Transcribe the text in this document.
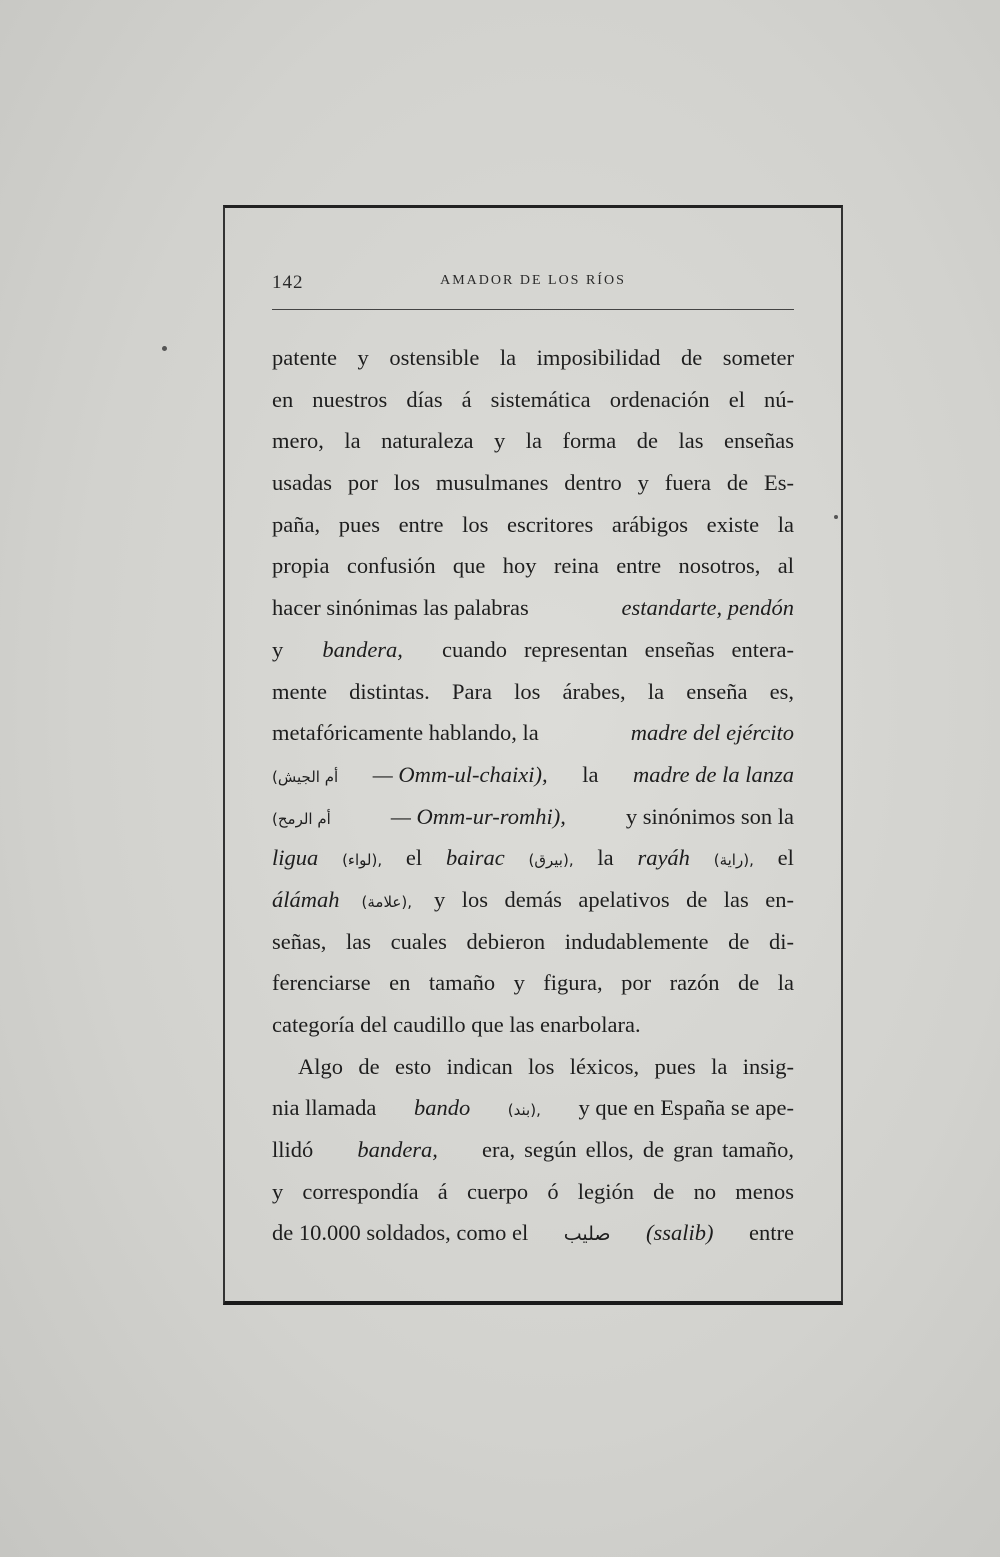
142	AMADOR DE LOS RÍOS
patente y ostensible la imposibilidad de someter
en nuestros días á sistemática ordenación el nú-
mero, la naturaleza y la forma de las enseñas
usadas por los musulmanes dentro y fuera de Es-
paña, pues entre los escritores arábigos existe la
propia confusión que hoy reina entre nosotros, al
hacer sinónimas las palabras	estandarte, pendón
y bandera, cuando representan enseñas entera-
mente distintas. Para los árabes, la enseña es,
metafóricamente hablando, la	madre del ejército
(أم الجيش — Omm-ul-chaixi), la madre de la lanza
(أم الرمح	— Omm-ur-romhi),	y sinónimos son la
ligua (لواء), el bairac (بيرق), la rayáh (راية), el
álámah (علامة), y los demás apelativos de las en-
señas, las cuales debieron indudablemente de di-
ferenciarse en tamaño y figura, por razón de la
categoría del caudillo que las enarbolara.
Algo de esto indican los léxicos, pues la insig-
nia llamada bando	(بند), y que en España se ape-
llidó bandera, era, según ellos, de gran tamaño,
y correspondía á cuerpo ó legión de no menos
de 10.000 soldados, como el صليب (ssalib) entre
